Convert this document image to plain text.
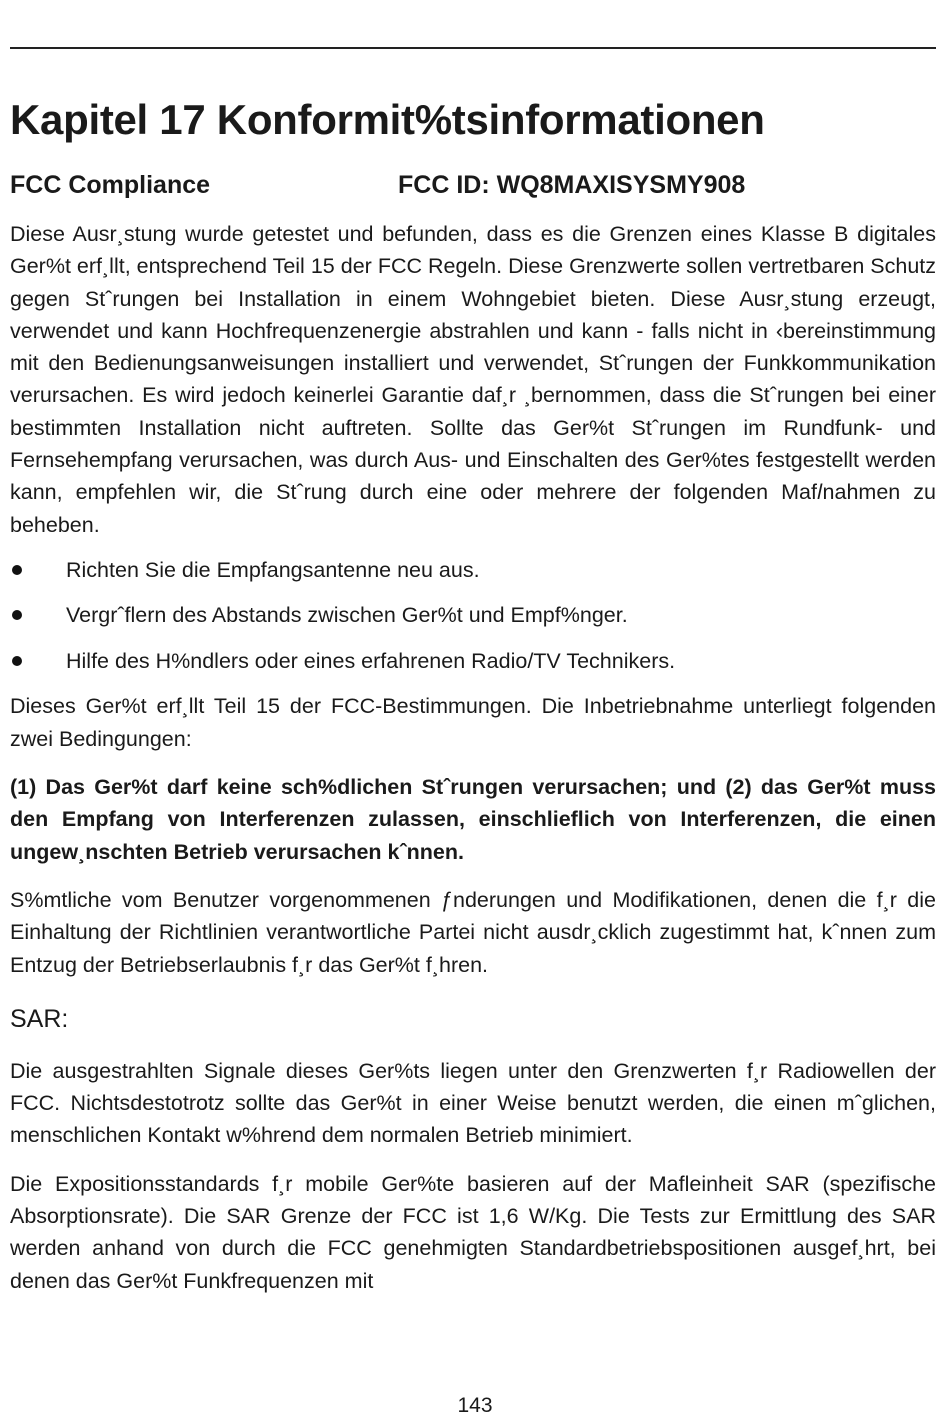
Kapitel 17 Konformit%tsinformationen
FCC Compliance	FCC ID: WQ8MAXISYSMY908

Diese Ausr¸stung wurde getestet und befunden, dass es die Grenzen eines Klasse B digitales Ger%t erf¸llt, entsprechend Teil 15 der FCC Regeln. Diese Grenzwerte sollen vertretbaren Schutz gegen Stˆrungen bei Installation in einem Wohngebiet bieten. Diese Ausr¸stung erzeugt, verwendet und kann Hochfrequenzenergie abstrahlen und kann - falls nicht in ‹bereinstimmung mit den Bedienungsanweisungen installiert und verwendet, Stˆrungen der Funkkommunikation verursachen. Es wird jedoch keinerlei Garantie daf¸r ¸bernommen, dass die Stˆrungen bei einer bestimmten Installation nicht auftreten. Sollte das Ger%t Stˆrungen im Rundfunk- und Fernsehempfang verursachen, was durch Aus- und Einschalten des Ger%tes festgestellt werden kann, empfehlen wir, die Stˆrung durch eine oder mehrere der folgenden Maf𝑙nahmen zu beheben.

Richten Sie die Empfangsantenne neu aus.
Vergrˆflern des Abstands zwischen Ger%t und Empf%nger.
Hilfe des H%ndlers oder eines erfahrenen Radio/TV Technikers.

Dieses Ger%t erf¸llt Teil 15 der FCC-Bestimmungen. Die Inbetriebnahme unterliegt folgenden zwei Bedingungen:

(1) Das Ger%t darf keine sch%dlichen Stˆrungen verursachen; und (2) das Ger%t muss den Empfang von Interferenzen zulassen, einschlieflich von Interferenzen, die einen ungew¸nschten Betrieb verursachen kˆnnen.

S%mtliche vom Benutzer vorgenommenen ƒnderungen und Modifikationen, denen die f¸r die Einhaltung der Richtlinien verantwortliche Partei nicht ausdr¸cklich zugestimmt hat, kˆnnen zum Entzug der Betriebserlaubnis f¸r das Ger%t f¸hren.

SAR:

Die ausgestrahlten Signale dieses Ger%ts liegen unter den Grenzwerten f¸r Radiowellen der FCC. Nichtsdestotrotz sollte das Ger%t in einer Weise benutzt werden, die einen mˆglichen, menschlichen Kontakt w%hrend dem normalen Betrieb minimiert.

Die Expositionsstandards f¸r mobile Ger%te basieren auf der Mafleinheit SAR (spezifische Absorptionsrate). Die SAR Grenze der FCC ist 1,6 W/Kg. Die Tests zur Ermittlung des SAR werden anhand von durch die FCC genehmigten Standardbetriebspositionen ausgef¸hrt, bei denen das Ger%t Funkfrequenzen mit

143
